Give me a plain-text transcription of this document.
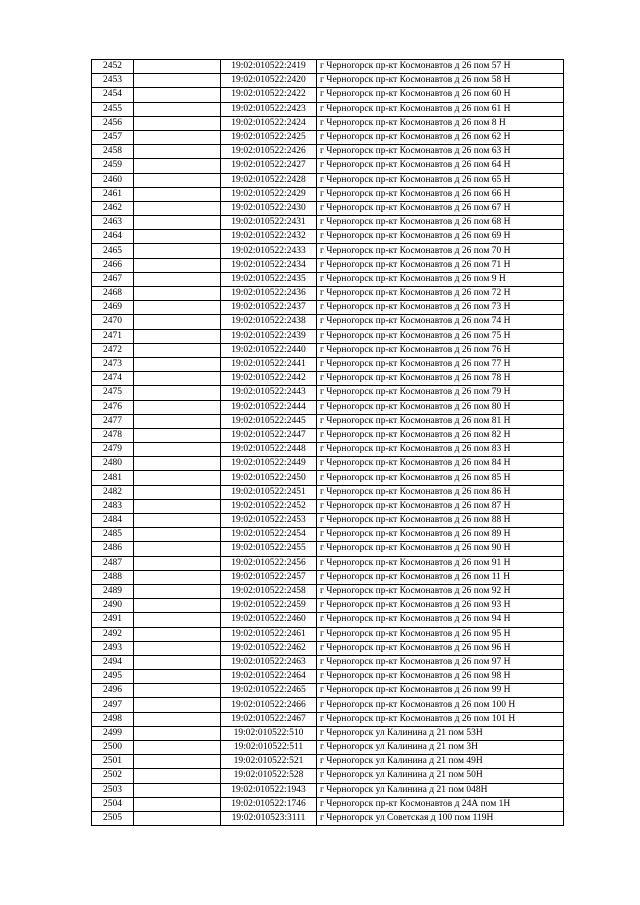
2452		19:02:010522:2419	г Черногорск пр-кт Космонавтов д 26 пом 57 Н
2453		19:02:010522:2420	г Черногорск пр-кт Космонавтов д 26 пом 58 Н
2454		19:02:010522:2422	г Черногорск пр-кт Космонавтов д 26 пом 60 Н
2455		19:02:010522:2423	г Черногорск пр-кт Космонавтов д 26 пом 61 Н
2456		19:02:010522:2424	г Черногорск пр-кт Космонавтов д 26 пом 8 Н
2457		19:02:010522:2425	г Черногорск пр-кт Космонавтов д 26 пом 62 Н
2458		19:02:010522:2426	г Черногорск пр-кт Космонавтов д 26 пом 63 Н
2459		19:02:010522:2427	г Черногорск пр-кт Космонавтов д 26 пом 64 Н
2460		19:02:010522:2428	г Черногорск пр-кт Космонавтов д 26 пом 65 Н
2461		19:02:010522:2429	г Черногорск пр-кт Космонавтов д 26 пом 66 Н
2462		19:02:010522:2430	г Черногорск пр-кт Космонавтов д 26 пом 67 Н
2463		19:02:010522:2431	г Черногорск пр-кт Космонавтов д 26 пом 68 Н
2464		19:02:010522:2432	г Черногорск пр-кт Космонавтов д 26 пом 69 Н
2465		19:02:010522:2433	г Черногорск пр-кт Космонавтов д 26 пом 70 Н
2466		19:02:010522:2434	г Черногорск пр-кт Космонавтов д 26 пом 71 Н
2467		19:02:010522:2435	г Черногорск пр-кт Космонавтов д 26 пом 9 Н
2468		19:02:010522:2436	г Черногорск пр-кт Космонавтов д 26 пом 72 Н
2469		19:02:010522:2437	г Черногорск пр-кт Космонавтов д 26 пом 73 Н
2470		19:02:010522:2438	г Черногорск пр-кт Космонавтов д 26 пом 74 Н
2471		19:02:010522:2439	г Черногорск пр-кт Космонавтов д 26 пом 75 Н
2472		19:02:010522:2440	г Черногорск пр-кт Космонавтов д 26 пом 76 Н
2473		19:02:010522:2441	г Черногорск пр-кт Космонавтов д 26 пом 77 Н
2474		19:02:010522:2442	г Черногорск пр-кт Космонавтов д 26 пом 78 Н
2475		19:02:010522:2443	г Черногорск пр-кт Космонавтов д 26 пом 79 Н
2476		19:02:010522:2444	г Черногорск пр-кт Космонавтов д 26 пом 80 Н
2477		19:02:010522:2445	г Черногорск пр-кт Космонавтов д 26 пом 81 Н
2478		19:02:010522:2447	г Черногорск пр-кт Космонавтов д 26 пом 82 Н
2479		19:02:010522:2448	г Черногорск пр-кт Космонавтов д 26 пом 83 Н
2480		19:02:010522:2449	г Черногорск пр-кт Космонавтов д 26 пом 84 Н
2481		19:02:010522:2450	г Черногорск пр-кт Космонавтов д 26 пом 85 Н
2482		19:02:010522:2451	г Черногорск пр-кт Космонавтов д 26 пом 86 Н
2483		19:02:010522:2452	г Черногорск пр-кт Космонавтов д 26 пом 87 Н
2484		19:02:010522:2453	г Черногорск пр-кт Космонавтов д 26 пом 88 Н
2485		19:02:010522:2454	г Черногорск пр-кт Космонавтов д 26 пом 89 Н
2486		19:02:010522:2455	г Черногорск пр-кт Космонавтов д 26 пом 90 Н
2487		19:02:010522:2456	г Черногорск пр-кт Космонавтов д 26 пом 91 Н
2488		19:02:010522:2457	г Черногорск пр-кт Космонавтов д 26 пом 11 Н
2489		19:02:010522:2458	г Черногорск пр-кт Космонавтов д 26 пом 92 Н
2490		19:02:010522:2459	г Черногорск пр-кт Космонавтов д 26 пом 93 Н
2491		19:02:010522:2460	г Черногорск пр-кт Космонавтов д 26 пом 94 Н
2492		19:02:010522:2461	г Черногорск пр-кт Космонавтов д 26 пом 95 Н
2493		19:02:010522:2462	г Черногорск пр-кт Космонавтов д 26 пом 96 Н
2494		19:02:010522:2463	г Черногорск пр-кт Космонавтов д 26 пом 97 Н
2495		19:02:010522:2464	г Черногорск пр-кт Космонавтов д 26 пом 98 Н
2496		19:02:010522:2465	г Черногорск пр-кт Космонавтов д 26 пом 99 Н
2497		19:02:010522:2466	г Черногорск пр-кт Космонавтов д 26 пом 100 Н
2498		19:02:010522:2467	г Черногорск пр-кт Космонавтов д 26 пом 101 Н
2499		19:02:010522:510	г Черногорск ул Калинина д 21 пом 53Н
2500		19:02:010522:511	г Черногорск ул Калинина д 21 пом 3Н
2501		19:02:010522:521	г Черногорск ул Калинина д 21 пом 49Н
2502		19:02:010522:528	г Черногорск ул Калинина д 21 пом 50Н
2503		19:02:010522:1943	г Черногорск ул Калинина д 21 пом 048Н
2504		19:02:010522:1746	г Черногорск пр-кт Космонавтов д 24А пом 1Н
2505		19:02:010523:3111	г Черногорск ул Советская д 100 пом 119Н
